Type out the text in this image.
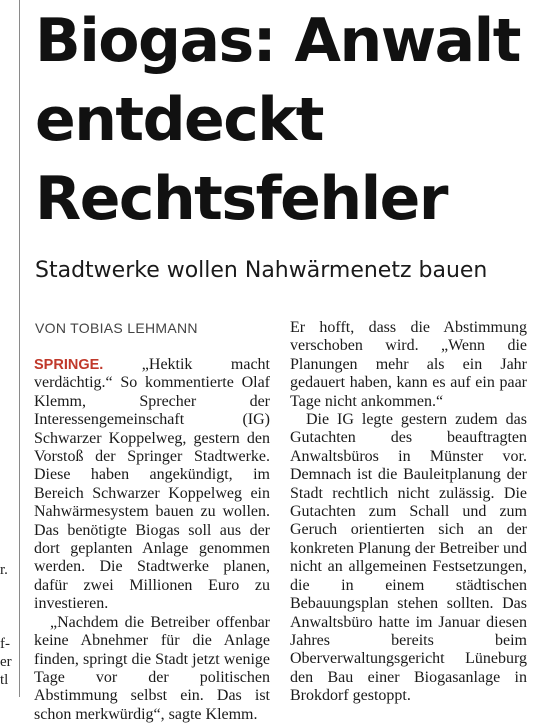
r.
f-
er
tl
Biogas: Anwalt
entdeckt
Rechtsfehler
Stadtwerke wollen Nahwärmenetz bauen
VON TOBIAS LEHMANN

SPRINGE. „Hektik macht verdächtig.“ So kommentierte Olaf Klemm, Sprecher der Interessengemeinschaft (IG) Schwarzer Koppelweg, gestern den Vorstoß der Springer Stadtwerke. Diese haben angekündigt, im Bereich Schwarzer Koppelweg ein Nahwärmesystem bauen zu wollen. Das benötigte Biogas soll aus der dort geplanten Anlage genommen werden. Die Stadtwerke planen, dafür zwei Millionen Euro zu investieren.

„Nachdem die Betreiber offenbar keine Abnehmer für die Anlage finden, springt die Stadt jetzt wenige Tage vor der politischen Abstimmung selbst ein. Das ist schon merkwürdig“, sagte Klemm.

Er hofft, dass die Abstimmung verschoben wird. „Wenn die Planungen mehr als ein Jahr gedauert haben, kann es auf ein paar Tage nicht ankommen.“

Die IG legte gestern zudem das Gutachten des beauftragten Anwaltsbüros in Münster vor. Demnach ist die Bauleitplanung der Stadt rechtlich nicht zulässig. Die Gutachten zum Schall und zum Geruch orientierten sich an der konkreten Planung der Betreiber und nicht an allgemeinen Festsetzungen, die in einem städtischen Bebauungsplan stehen sollten. Das Anwaltsbüro hatte im Januar diesen Jahres bereits beim Oberverwaltungsgericht Lüneburg den Bau einer Biogasanlage in Brokdorf gestoppt.
